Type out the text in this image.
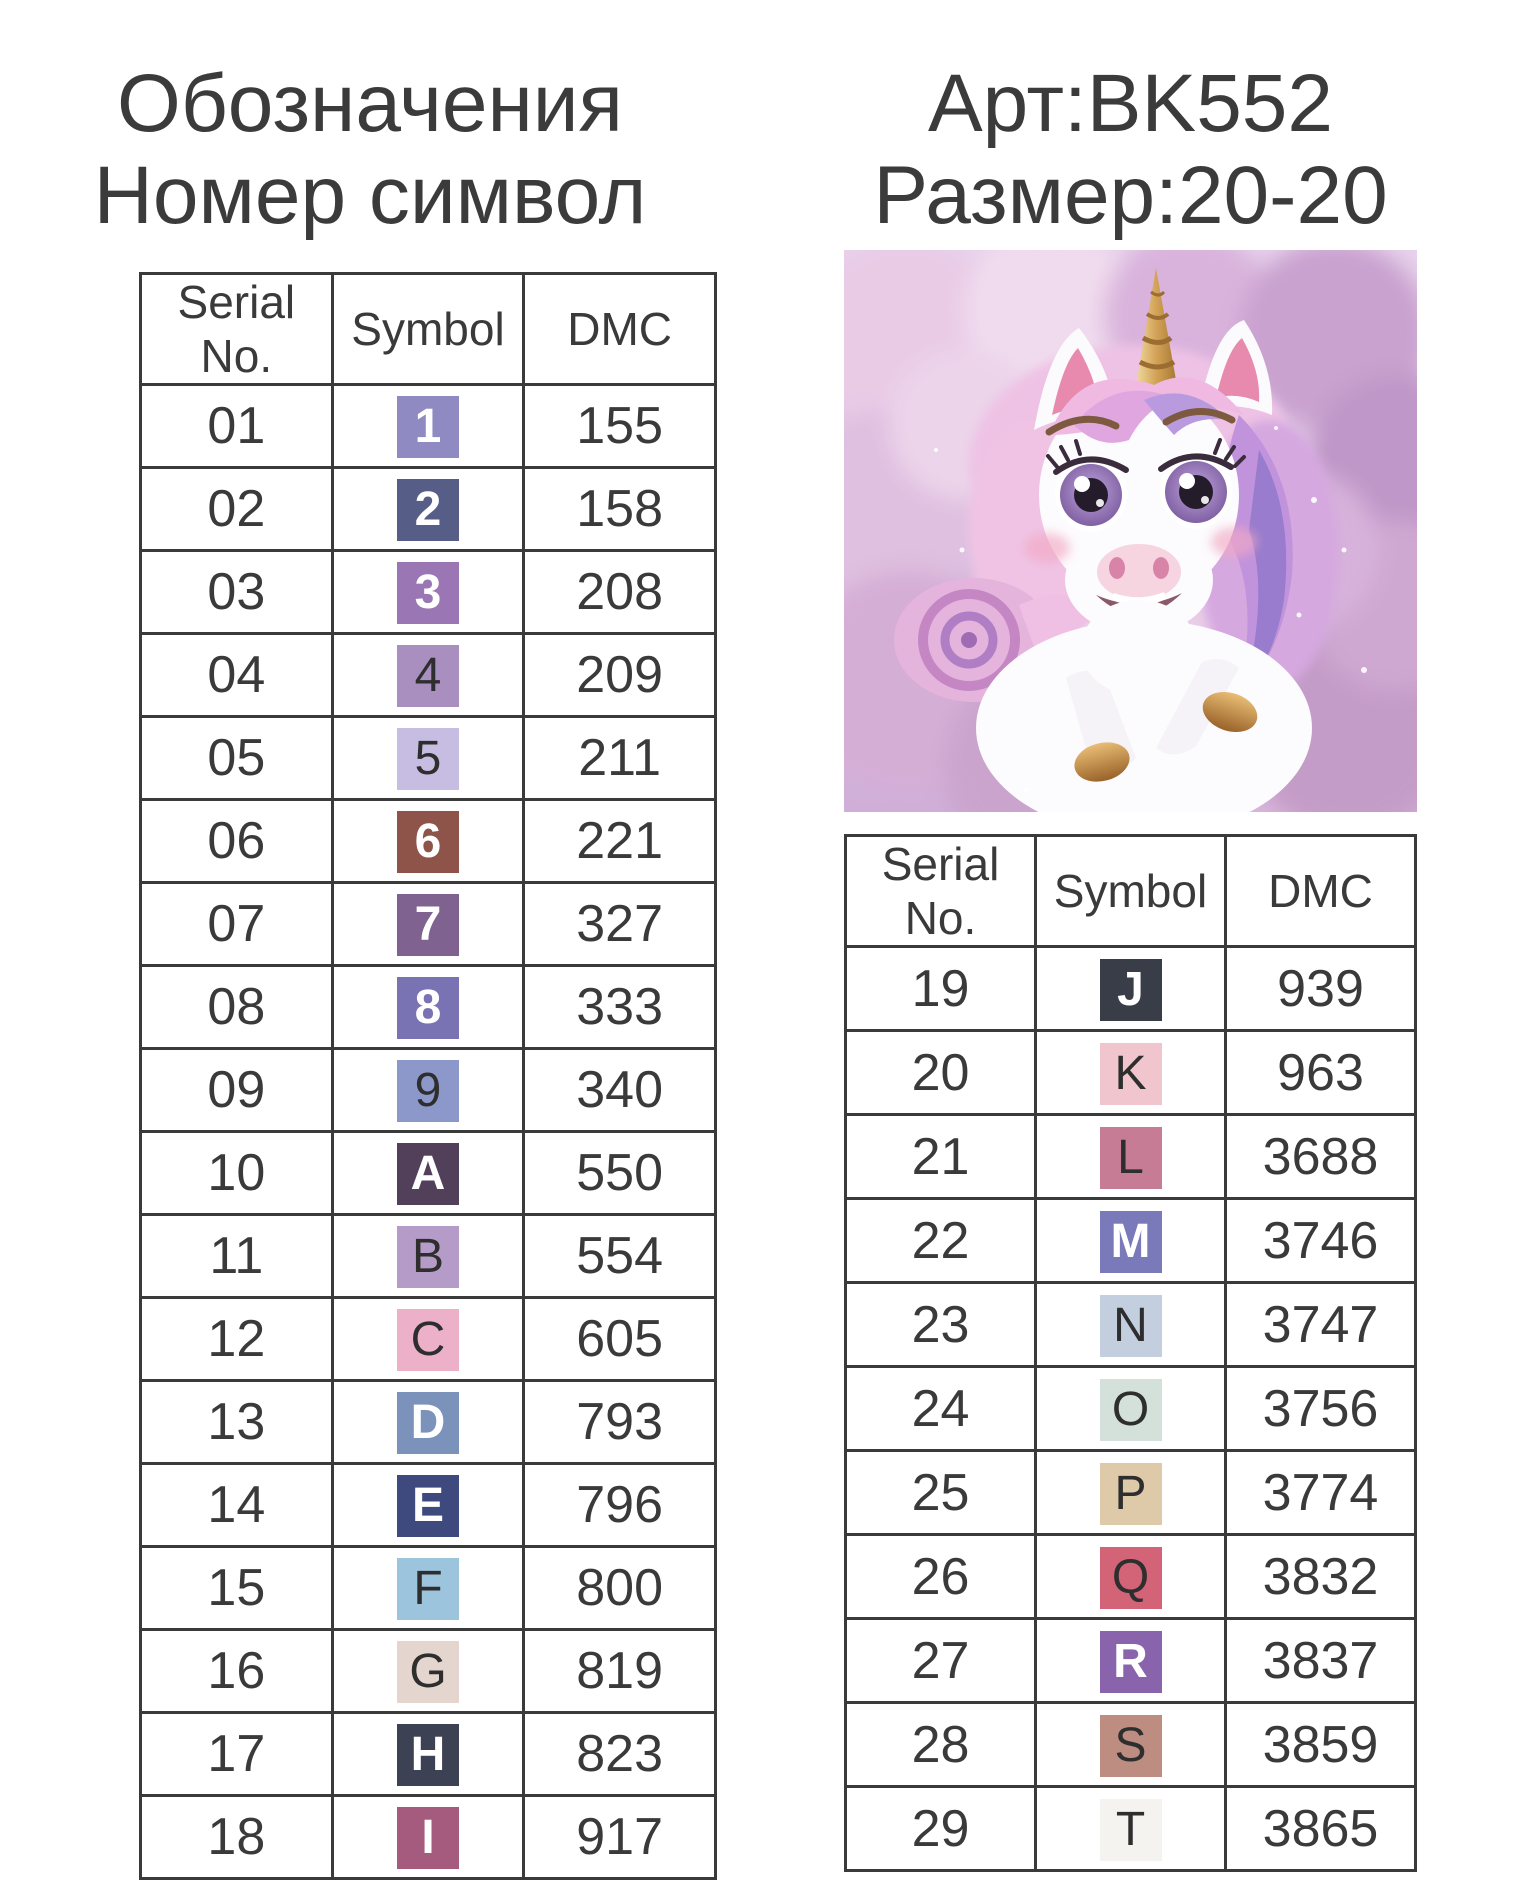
Обозначения
Номер символ
Арт:BK552
Размер:20-20
Serial No.	Symbol	DMC
01	1	155
02	2	158
03	3	208
04	4	209
05	5	211
06	6	221
07	7	327
08	8	333
09	9	340
10	A	550
11	B	554
12	C	605
13	D	793
14	E	796
15	F	800
16	G	819
17	H	823
18	I	917
Serial No.	Symbol	DMC
19	J	939
20	K	963
21	L	3688
22	M	3746
23	N	3747
24	O	3756
25	P	3774
26	Q	3832
27	R	3837
28	S	3859
29	T	3865
